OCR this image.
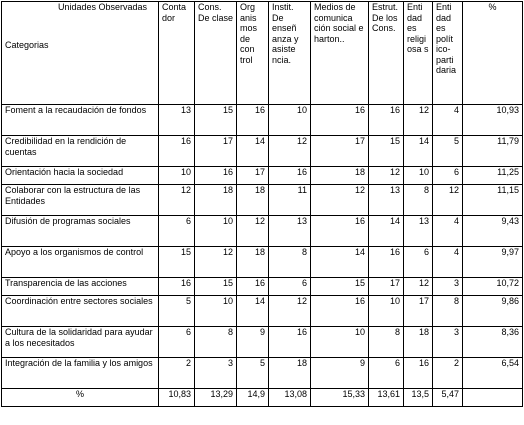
Unidades Observadas
Categorias	Conta dor	Cons. De clase	Org anis mos de con trol	Instit. De enseñ anza y asiste ncia.	Medios de comunica ción social e harton..	Estrut. De los Cons.	Enti dad es religi osa s	Enti dad es polít ico-parti daria	%
Foment a la recaudación de fondos	13	15	16	10	16	16	12	4	10,93
Credibilidad en la rendición de cuentas	16	17	14	12	17	15	14	5	11,79
Orientación hacia la sociedad	10	16	17	16	18	12	10	6	11,25
Colaborar con la estructura de las Entidades	12	18	18	11	12	13	8	12	11,15
Difusión de programas sociales	6	10	12	13	16	14	13	4	9,43
Apoyo a los organismos de control	15	12	18	8	14	16	6	4	9,97
Transparencia de las acciones	16	15	16	6	15	17	12	3	10,72
Coordinación entre sectores sociales	5	10	14	12	16	10	17	8	9,86
Cultura de la solidaridad para ayudar a los necesitados	6	8	9	16	10	8	18	3	8,36
Integración de la familia y los amigos	2	3	5	18	9	6	16	2	6,54
%	10,83	13,29	14,9	13,08	15,33	13,61	13,5	5,47	
